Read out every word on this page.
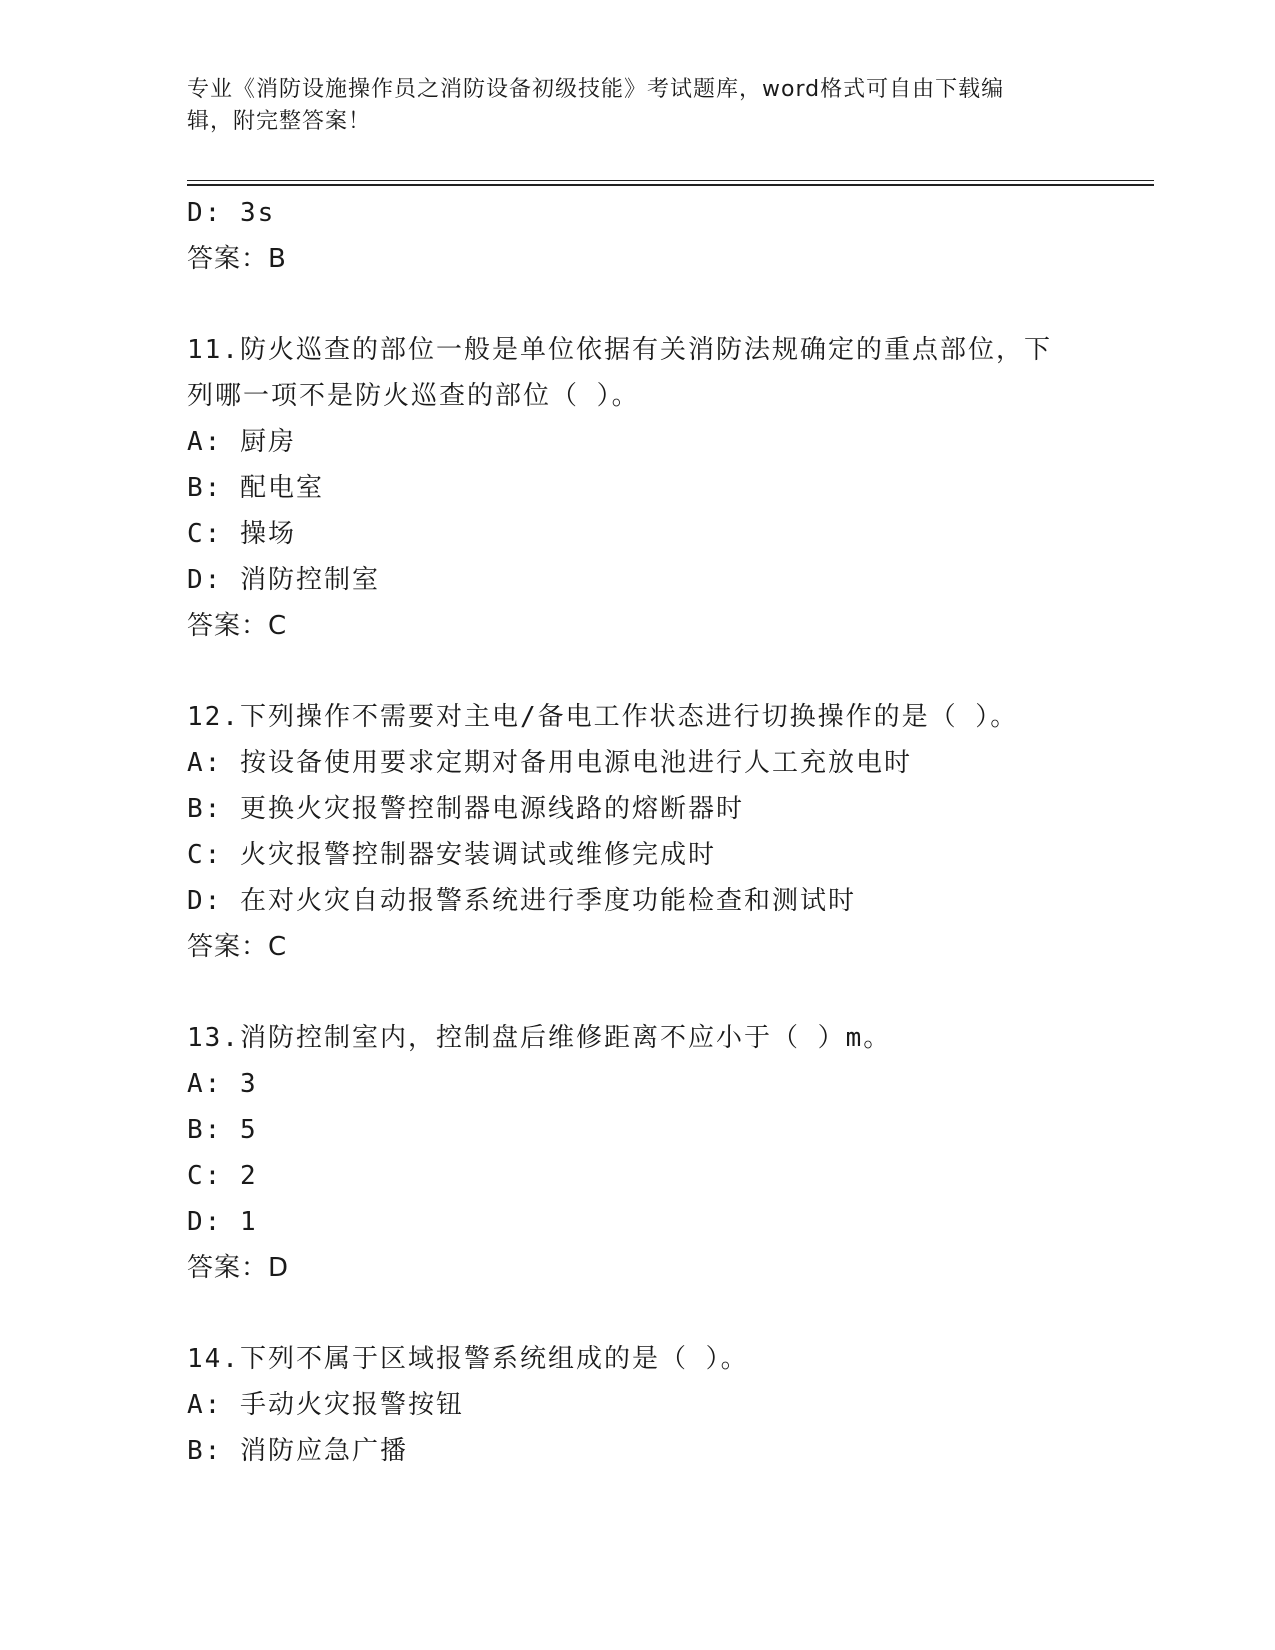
专业《消防设施操作员之消防设备初级技能》考试题库，word格式可自由下载编
辑，附完整答案！
D: 3s
答案：B
11.防火巡查的部位一般是单位依据有关消防法规确定的重点部位，下
列哪一项不是防火巡查的部位（ ）。
A: 厨房
B: 配电室
C: 操场
D: 消防控制室
答案：C
12.下列操作不需要对主电/备电工作状态进行切换操作的是（ ）。
A: 按设备使用要求定期对备用电源电池进行人工充放电时
B: 更换火灾报警控制器电源线路的熔断器时
C: 火灾报警控制器安装调试或维修完成时
D: 在对火灾自动报警系统进行季度功能检查和测试时
答案：C
13.消防控制室内，控制盘后维修距离不应小于（ ）m。
A: 3
B: 5
C: 2
D: 1
答案：D
14.下列不属于区域报警系统组成的是（ ）。
A: 手动火灾报警按钮
B: 消防应急广播
